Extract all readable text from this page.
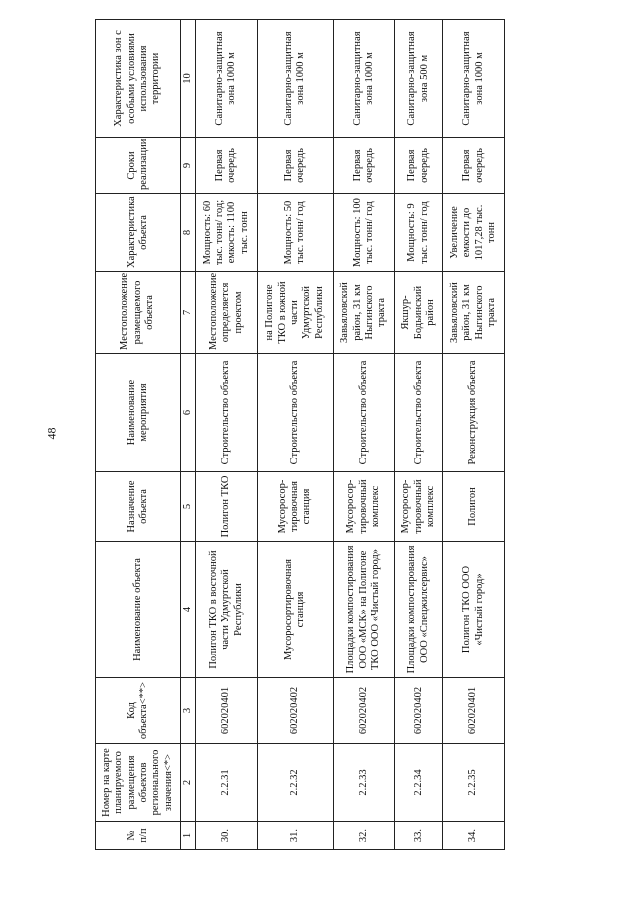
48
№ п/п	Номер на карте планируемого размещения объектов регионального значения<*>	Код объекта<**>	Наименование объекта	Назначение объекта	Наименование мероприятия	Местоположение размещаемого объекта	Характеристика объекта	Сроки реализации	Характеристика зон с особыми условиями использования территории
1	2	3	4	5	6	7	8	9	10
30.	2.2.31	602020401	Полигон ТКО в восточной части Удмуртской Республики	Полигон ТКО	Строительство объекта	Местоположение определяется проектом	Мощность: 60 тыс. тонн/ год; емкость: 1100 тыс. тонн	Первая очередь	Санитарно-защитная зона 1000 м
31.	2.2.32	602020402	Мусоросортировочная станция	Мусоросор-тировочная станция	Строительство объекта	на Полигоне ТКО в южной части Удмуртской Республики	Мощность: 50 тыс. тонн/ год	Первая очередь	Санитарно-защитная зона 1000 м
32.	2.2.33	602020402	Площадки компостирования ООО «МСК» на Полигоне ТКО ООО «Чистый город»	Мусоросор-тировочный комплекс	Строительство объекта	Завьяловский район, 31 км Ныгинского тракта	Мощность: 100 тыс. тонн/ год	Первая очередь	Санитарно-защитная зона 1000 м
33.	2.2.34	602020402	Площадки компостирования ООО «Спецжилсервис»	Мусоросор-тировочный комплекс	Строительство объекта	Якшур-Бодьинский район	Мощность: 9 тыс. тонн/ год	Первая очередь	Санитарно-защитная зона 500 м
34.	2.2.35	602020401	Полигон ТКО ООО «Чистый город»	Полигон	Реконструкция объекта	Завьяловский район, 31 км Ныгинского тракта	Увеличение емкости до 1017,28 тыс. тонн	Первая очередь	Санитарно-защитная зона 1000 м
